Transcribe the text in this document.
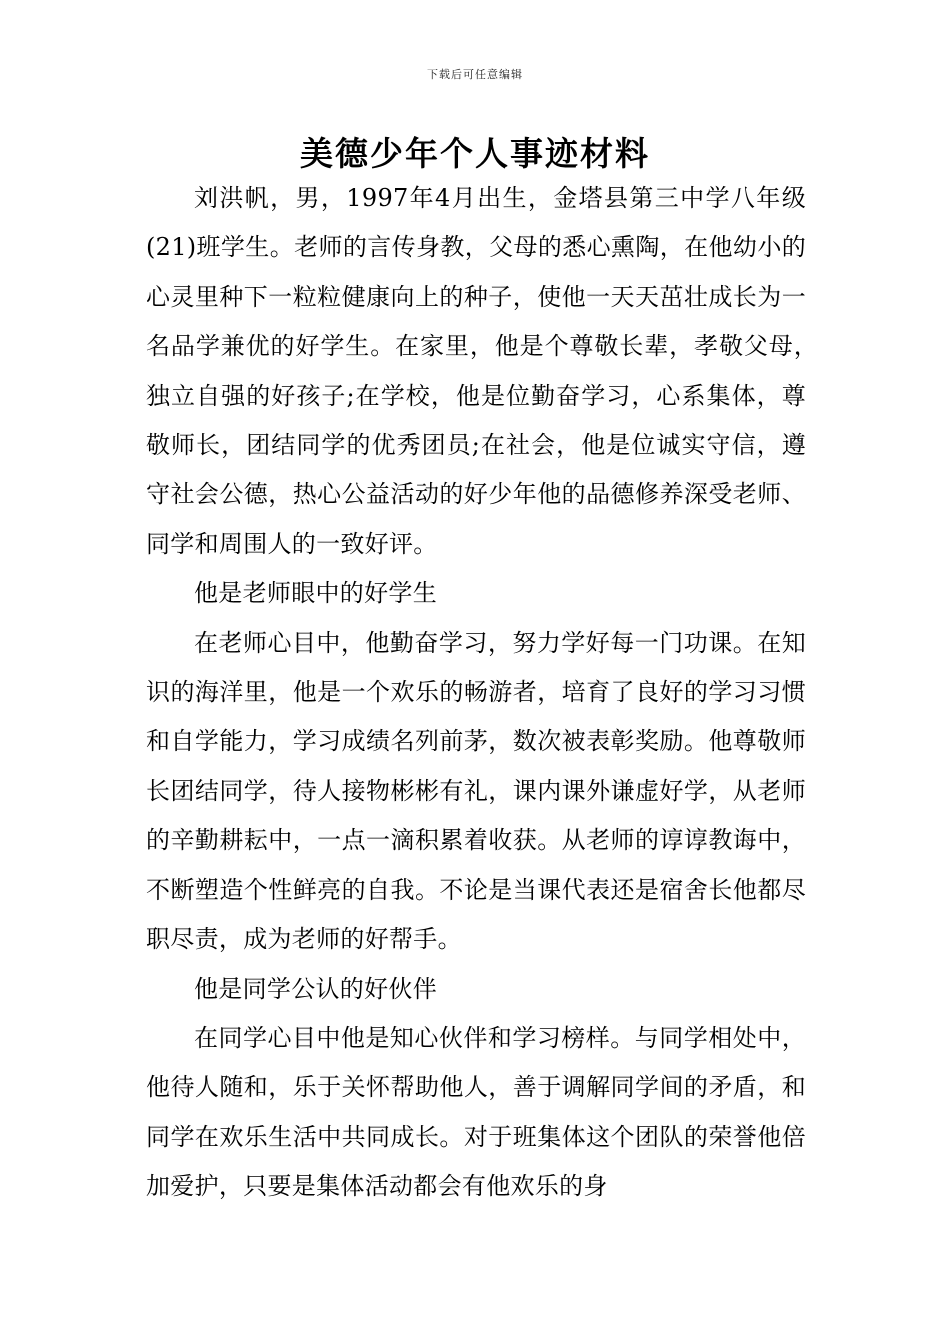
下载后可任意编辑
美德少年个人事迹材料

刘洪帆，男，1997年4月出生，金塔县第三中学八年级(21)班学生。老师的言传身教，父母的悉心熏陶，在他幼小的心灵里种下一粒粒健康向上的种子，使他一天天茁壮成长为一名品学兼优的好学生。在家里，他是个尊敬长辈，孝敬父母，　独立自强的好孩子;在学校，他是位勤奋学习，心系集体，尊敬师长，团结同学的优秀团员;在社会，他是位诚实守信，遵守社会公德，热心公益活动的好少年他的品德修养深受老师、同学和周围人的一致好评。

他是老师眼中的好学生

在老师心目中，他勤奋学习，努力学好每一门功课。在知识的海洋里，他是一个欢乐的畅游者，培育了良好的学习习惯和自学能力，学习成绩名列前茅，数次被表彰奖励。他尊敬师长团结同学，待人接物彬彬有礼，课内课外谦虚好学，从老师的辛勤耕耘中，一点一滴积累着收获。从老师的谆谆教诲中，不断塑造个性鲜亮的自我。不论是当课代表还是宿舍长他都尽职尽责，成为老师的好帮手。

他是同学公认的好伙伴

在同学心目中他是知心伙伴和学习榜样。与同学相处中，他待人随和，乐于关怀帮助他人，善于调解同学间的矛盾，和同学在欢乐生活中共同成长。对于班集体这个团队的荣誉他倍加爱护，只要是集体活动都会有他欢乐的身
